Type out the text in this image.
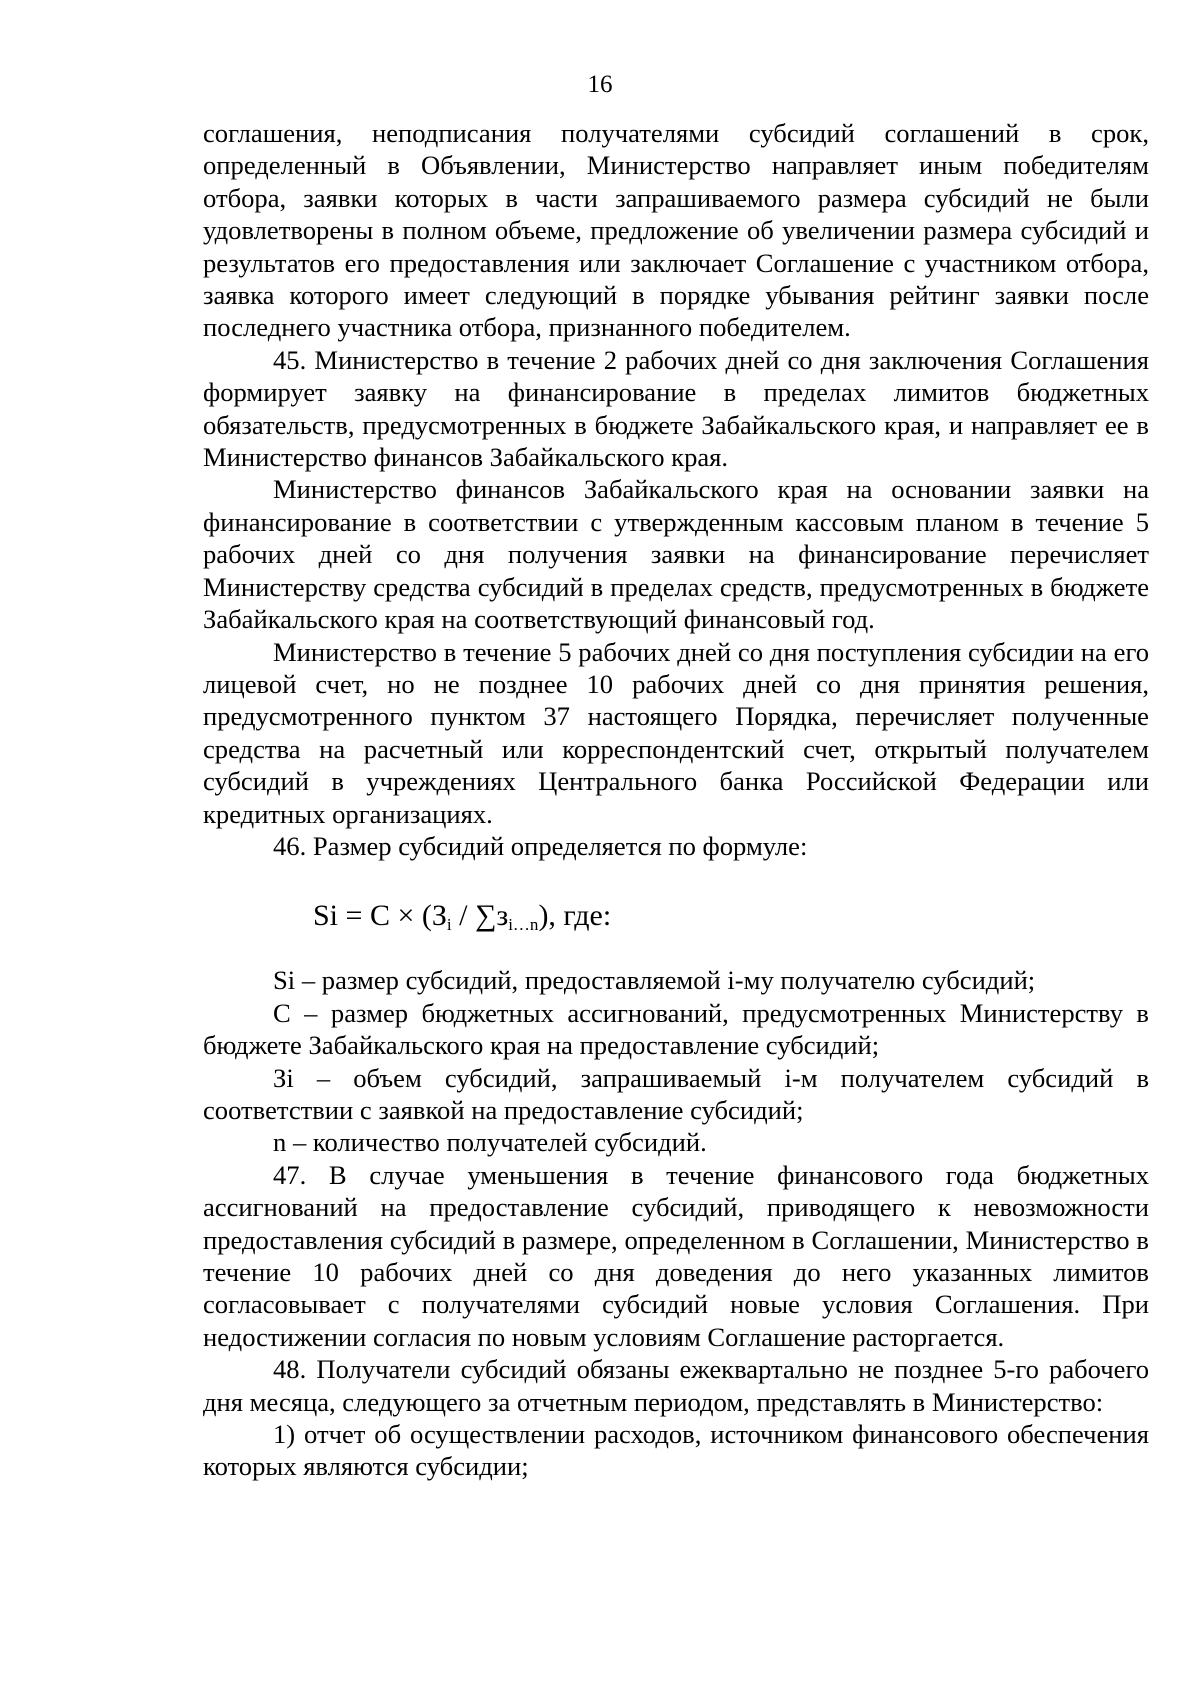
16

соглашения, неподписания получателями субсидий соглашений в срок, определенный в Объявлении, Министерство направляет иным победителям отбора, заявки которых в части запрашиваемого размера субсидий не были удовлетворены в полном объеме, предложение об увеличении размера субсидий и результатов его предоставления или заключает Соглашение с участником отбора, заявка которого имеет следующий в порядке убывания рейтинг заявки после последнего участника отбора, признанного победителем.

45. Министерство в течение 2 рабочих дней со дня заключения Соглашения формирует заявку на финансирование в пределах лимитов бюджетных обязательств, предусмотренных в бюджете Забайкальского края, и направляет ее в Министерство финансов Забайкальского края.

Министерство финансов Забайкальского края на основании заявки на финансирование в соответствии с утвержденным кассовым планом в течение 5 рабочих дней со дня получения заявки на финансирование перечисляет Министерству средства субсидий в пределах средств, предусмотренных в бюджете Забайкальского края на соответствующий финансовый год.

Министерство в течение 5 рабочих дней со дня поступления субсидии на его лицевой счет, но не позднее 10 рабочих дней со дня принятия решения, предусмотренного пунктом 37 настоящего Порядка, перечисляет полученные средства на расчетный или корреспондентский счет, открытый получателем субсидий в учреждениях Центрального банка Российской Федерации или кредитных организациях.

46. Размер субсидий определяется по формуле:

$Si = С \times (З_i / \sum з_{i\dots n})$, где:

Si – размер субсидий, предоставляемой i-му получателю субсидий;

С – размер бюджетных ассигнований, предусмотренных Министерству в бюджете Забайкальского края на предоставление субсидий;

Зi – объем субсидий, запрашиваемый i-м получателем субсидий в соответствии с заявкой на предоставление субсидий;

n – количество получателей субсидий.

47. В случае уменьшения в течение финансового года бюджетных ассигнований на предоставление субсидий, приводящего к невозможности предоставления субсидий в размере, определенном в Соглашении, Министерство в течение 10 рабочих дней со дня доведения до него указанных лимитов согласовывает с получателями субсидий новые условия Соглашения. При недостижении согласия по новым условиям Соглашение расторгается.

48. Получатели субсидий обязаны ежеквартально не позднее 5-го рабочего дня месяца, следующего за отчетным периодом, представлять в Министерство:

1) отчет об осуществлении расходов, источником финансового обеспечения которых являются субсидии;
